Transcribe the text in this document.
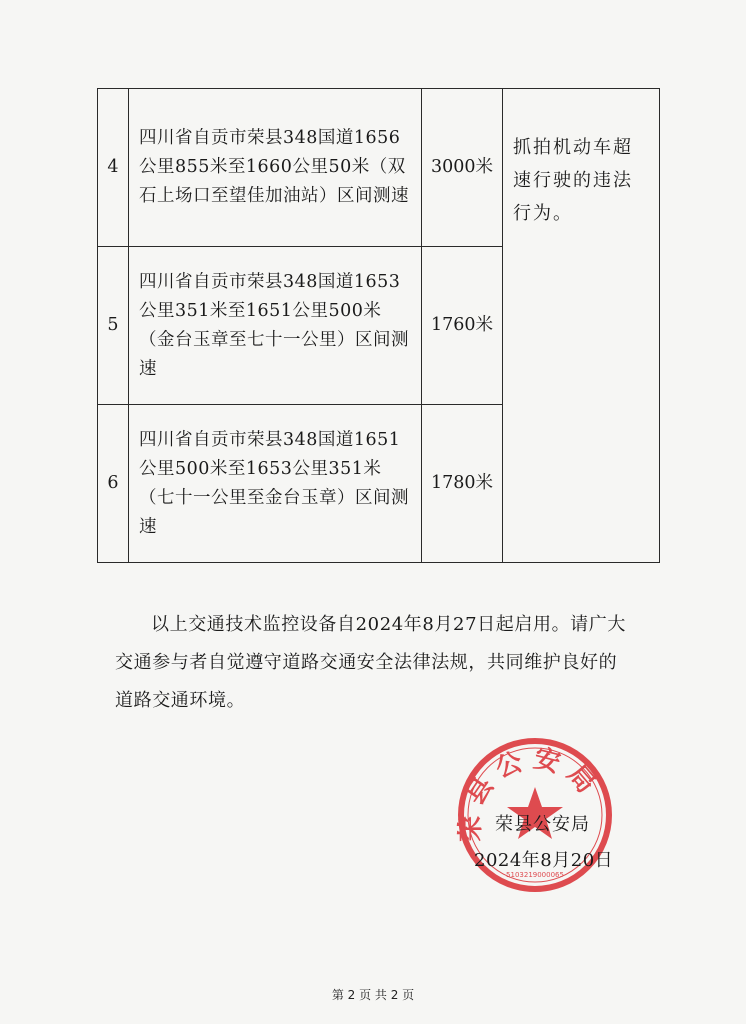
4	四川省自贡市荣县348国道1656公里855米至1660公里50米（双石上场口至望佳加油站）区间测速	3000米	抓拍机动车超速行驶的违法行为。

5	四川省自贡市荣县348国道1653公里351米至1651公里500米（金台玉章至七十一公里）区间测速	1760米	
6	四川省自贡市荣县348国道1651公里500米至1653公里351米（七十一公里至金台玉章）区间测速	1780米	

以上交通技术监控设备自2024年8月27日起启用。请广大交通参与者自觉遵守道路交通安全法律法规，共同维护良好的道路交通环境。

荣县公安局
5103219000065
荣县公安局
2024年8月20日
第 2 页 共 2 页
